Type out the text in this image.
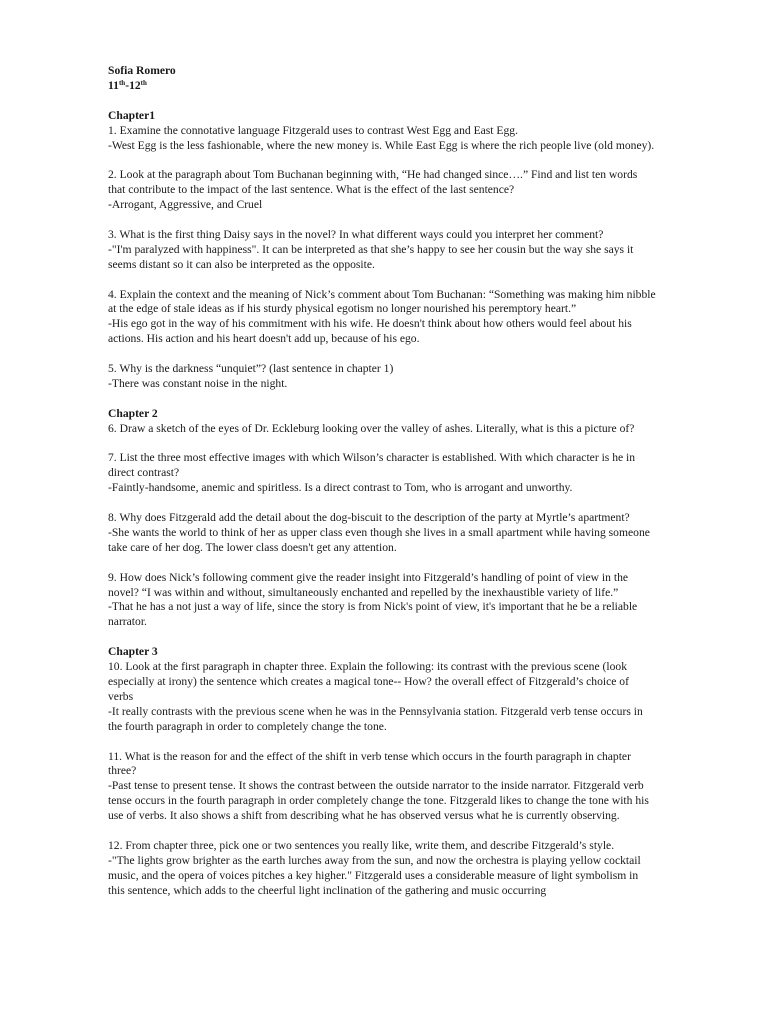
Sofia Romero

11th-12th

Chapter1

1. Examine the connotative language Fitzgerald uses to contrast West Egg and East Egg.

-West Egg is the less fashionable, where the new money is. While East Egg is where the rich people live (old money).

2. Look at the paragraph about Tom Buchanan beginning with, “He had changed since….” Find and list ten words that contribute to the impact of the last sentence. What is the effect of the last sentence?

-Arrogant, Aggressive, and Cruel

3. What is the first thing Daisy says in the novel? In what different ways could you interpret her comment?

-"I'm paralyzed with happiness". It can be interpreted as that she’s happy to see her cousin but the way she says it seems distant so it can also be interpreted as the opposite.

4. Explain the context and the meaning of Nick’s comment about Tom Buchanan: “Something was making him nibble at the edge of stale ideas as if his sturdy physical egotism no longer nourished his peremptory heart.”

-His ego got in the way of his commitment with his wife. He doesn't think about how others would feel about his actions. His action and his heart doesn't add up, because of his ego.

5. Why is the darkness “unquiet”? (last sentence in chapter 1)

-There was constant noise in the night.

Chapter 2

6. Draw a sketch of the eyes of Dr. Eckleburg looking over the valley of ashes. Literally, what is this a picture of?

7. List the three most effective images with which Wilson’s character is established. With which character is he in direct contrast?

-Faintly-handsome, anemic and spiritless. Is a direct contrast to Tom, who is arrogant and unworthy.

8. Why does Fitzgerald add the detail about the dog-biscuit to the description of the party at Myrtle’s apartment?

-She wants the world to think of her as upper class even though she lives in a small apartment while having someone take care of her dog. The lower class doesn't get any attention.

9. How does Nick’s following comment give the reader insight into Fitzgerald’s handling of point of view in the novel? “I was within and without, simultaneously enchanted and repelled by the inexhaustible variety of life.”

-That he has a not just a way of life, since the story is from Nick's point of view, it's important that he be a reliable narrator.

Chapter 3

10. Look at the first paragraph in chapter three. Explain the following: its contrast with the previous scene (look especially at irony) the sentence which creates a magical tone-- How? the overall effect of Fitzgerald’s choice of verbs

-It really contrasts with the previous scene when he was in the Pennsylvania station. Fitzgerald verb tense occurs in the fourth paragraph in order to completely change the tone.

11. What is the reason for and the effect of the shift in verb tense which occurs in the fourth paragraph in chapter three?

-Past tense to present tense. It shows the contrast between the outside narrator to the inside narrator. Fitzgerald verb tense occurs in the fourth paragraph in order completely change the tone. Fitzgerald likes to change the tone with his use of verbs. It also shows a shift from describing what he has observed versus what he is currently observing.

12. From chapter three, pick one or two sentences you really like, write them, and describe Fitzgerald’s style.

-"The lights grow brighter as the earth lurches away from the sun, and now the orchestra is playing yellow cocktail music, and the opera of voices pitches a key higher." Fitzgerald uses a considerable measure of light symbolism in this sentence, which adds to the cheerful light inclination of the gathering and music occurring
